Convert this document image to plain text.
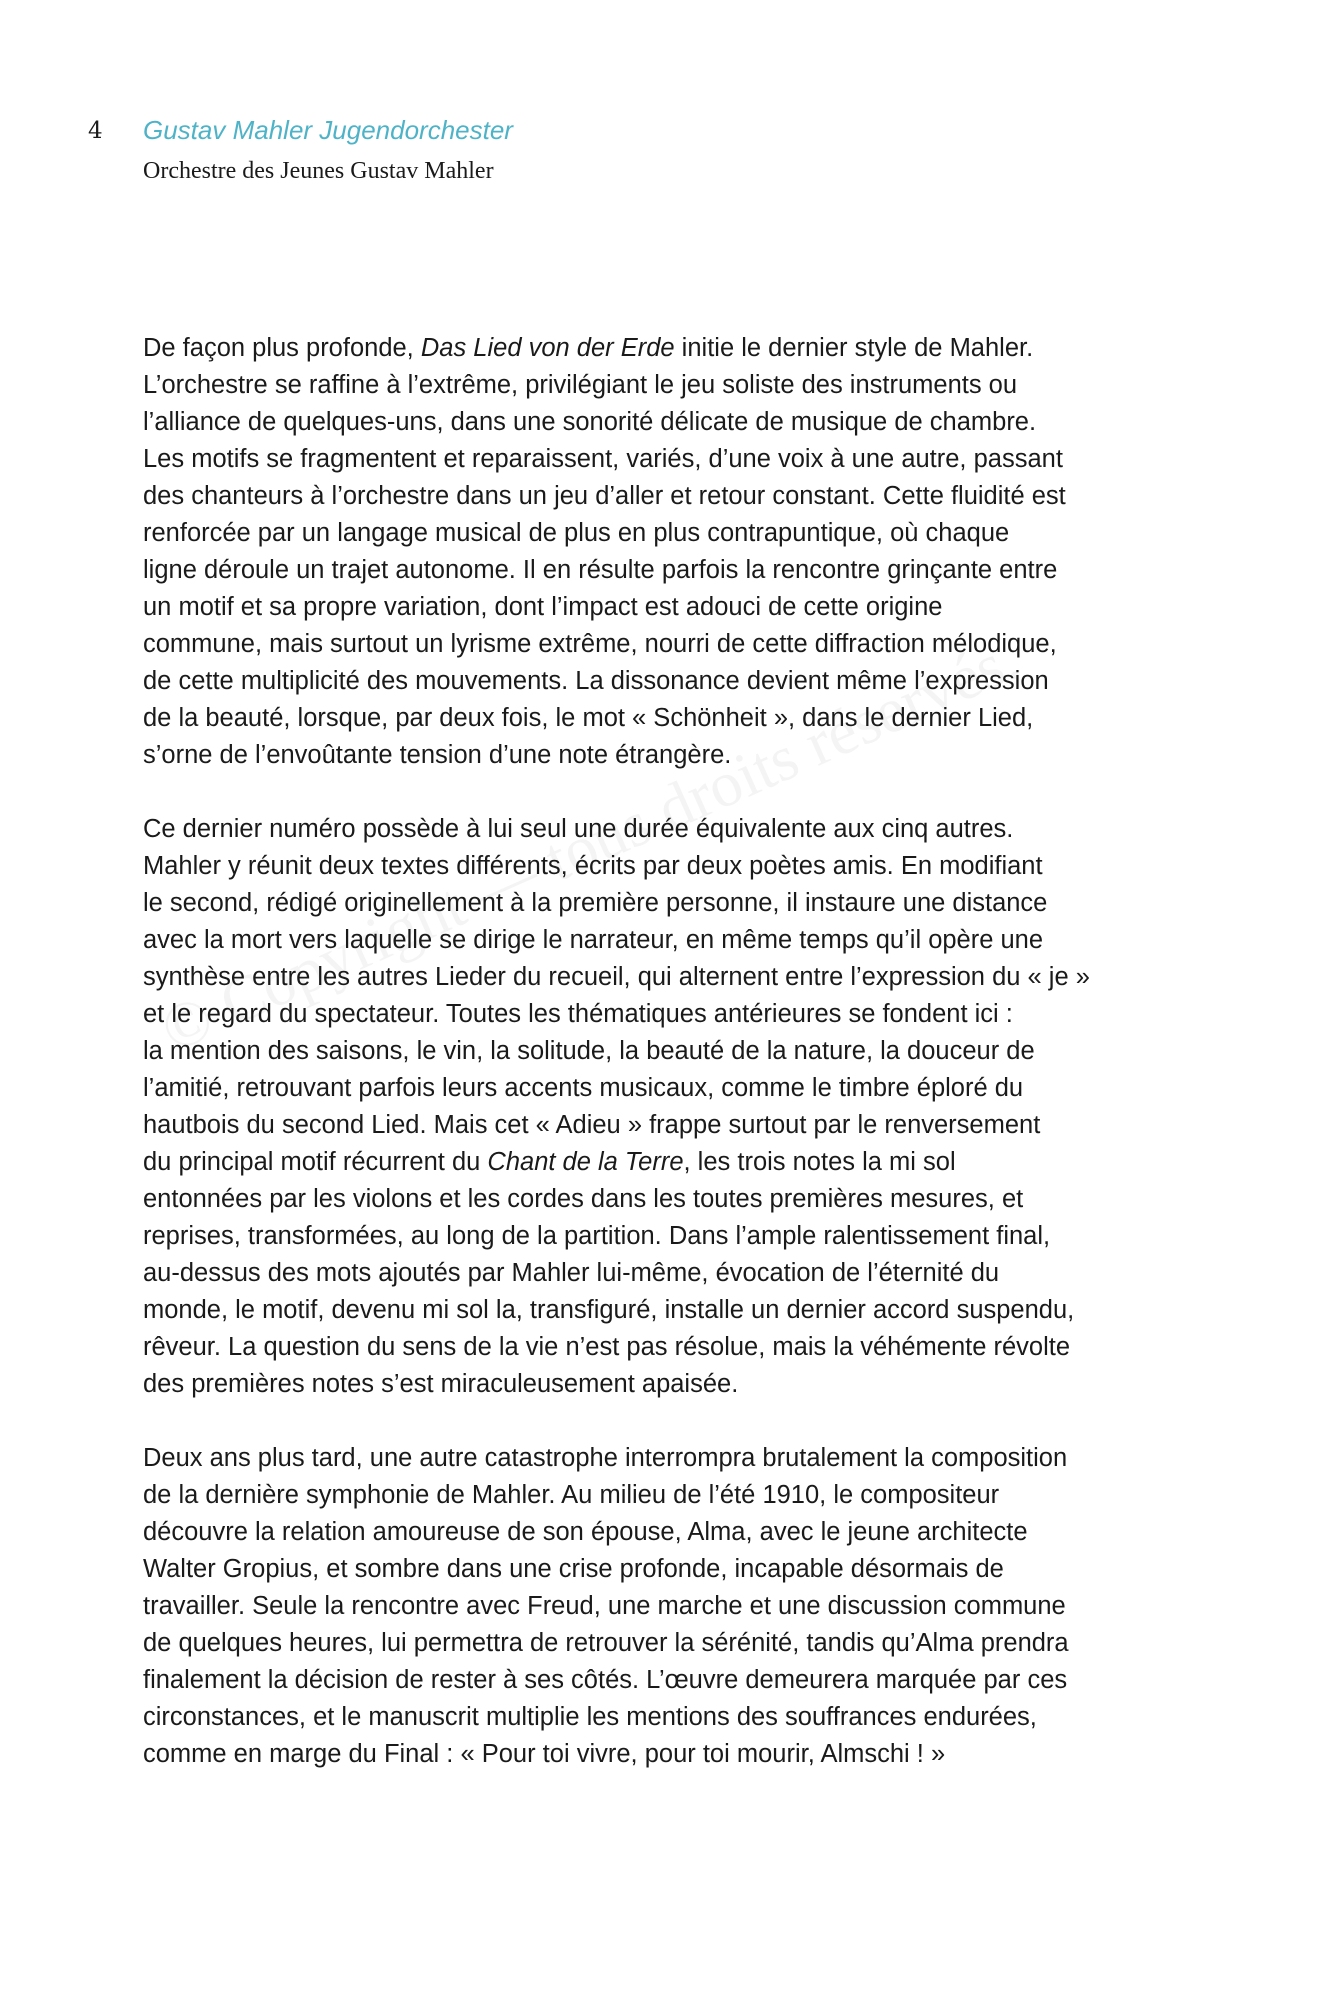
4 Gustav Mahler Jugendorchester
Orchestre des Jeunes Gustav Mahler
De façon plus profonde, Das Lied von der Erde initie le dernier style de Mahler.
L’orchestre se raffine à l’extrême, privilégiant le jeu soliste des instruments ou
l’alliance de quelques-uns, dans une sonorité délicate de musique de chambre.
Les motifs se fragmentent et reparaissent, variés, d’une voix à une autre, passant
des chanteurs à l’orchestre dans un jeu d’aller et retour constant. Cette fluidité est
renforcée par un langage musical de plus en plus contrapuntique, où chaque
ligne déroule un trajet autonome. Il en résulte parfois la rencontre grinçante entre
un motif et sa propre variation, dont l’impact est adouci de cette origine
commune, mais surtout un lyrisme extrême, nourri de cette diffraction mélodique,
de cette multiplicité des mouvements. La dissonance devient même l’expression
de la beauté, lorsque, par deux fois, le mot « Schönheit », dans le dernier Lied,
s’orne de l’envoûtante tension d’une note étrangère.
Ce dernier numéro possède à lui seul une durée équivalente aux cinq autres.
Mahler y réunit deux textes différents, écrits par deux poètes amis. En modifiant
le second, rédigé originellement à la première personne, il instaure une distance
avec la mort vers laquelle se dirige le narrateur, en même temps qu’il opère une
synthèse entre les autres Lieder du recueil, qui alternent entre l’expression du « je »
et le regard du spectateur. Toutes les thématiques antérieures se fondent ici :
la mention des saisons, le vin, la solitude, la beauté de la nature, la douceur de
l’amitié, retrouvant parfois leurs accents musicaux, comme le timbre éploré du
hautbois du second Lied. Mais cet « Adieu » frappe surtout par le renversement
du principal motif récurrent du Chant de la Terre, les trois notes la mi sol
entonnées par les violons et les cordes dans les toutes premières mesures, et
reprises, transformées, au long de la partition. Dans l’ample ralentissement final,
au-dessus des mots ajoutés par Mahler lui-même, évocation de l’éternité du
monde, le motif, devenu mi sol la, transfiguré, installe un dernier accord suspendu,
rêveur. La question du sens de la vie n’est pas résolue, mais la véhémente révolte
des premières notes s’est miraculeusement apaisée.
Deux ans plus tard, une autre catastrophe interrompra brutalement la composition
de la dernière symphonie de Mahler. Au milieu de l’été 1910, le compositeur
découvre la relation amoureuse de son épouse, Alma, avec le jeune architecte
Walter Gropius, et sombre dans une crise profonde, incapable désormais de
travailler. Seule la rencontre avec Freud, une marche et une discussion commune
de quelques heures, lui permettra de retrouver la sérénité, tandis qu’Alma prendra
finalement la décision de rester à ses côtés. L’œuvre demeurera marquée par ces
circonstances, et le manuscrit multiplie les mentions des souffrances endurées,
comme en marge du Final : « Pour toi vivre, pour toi mourir, Almschi ! »
